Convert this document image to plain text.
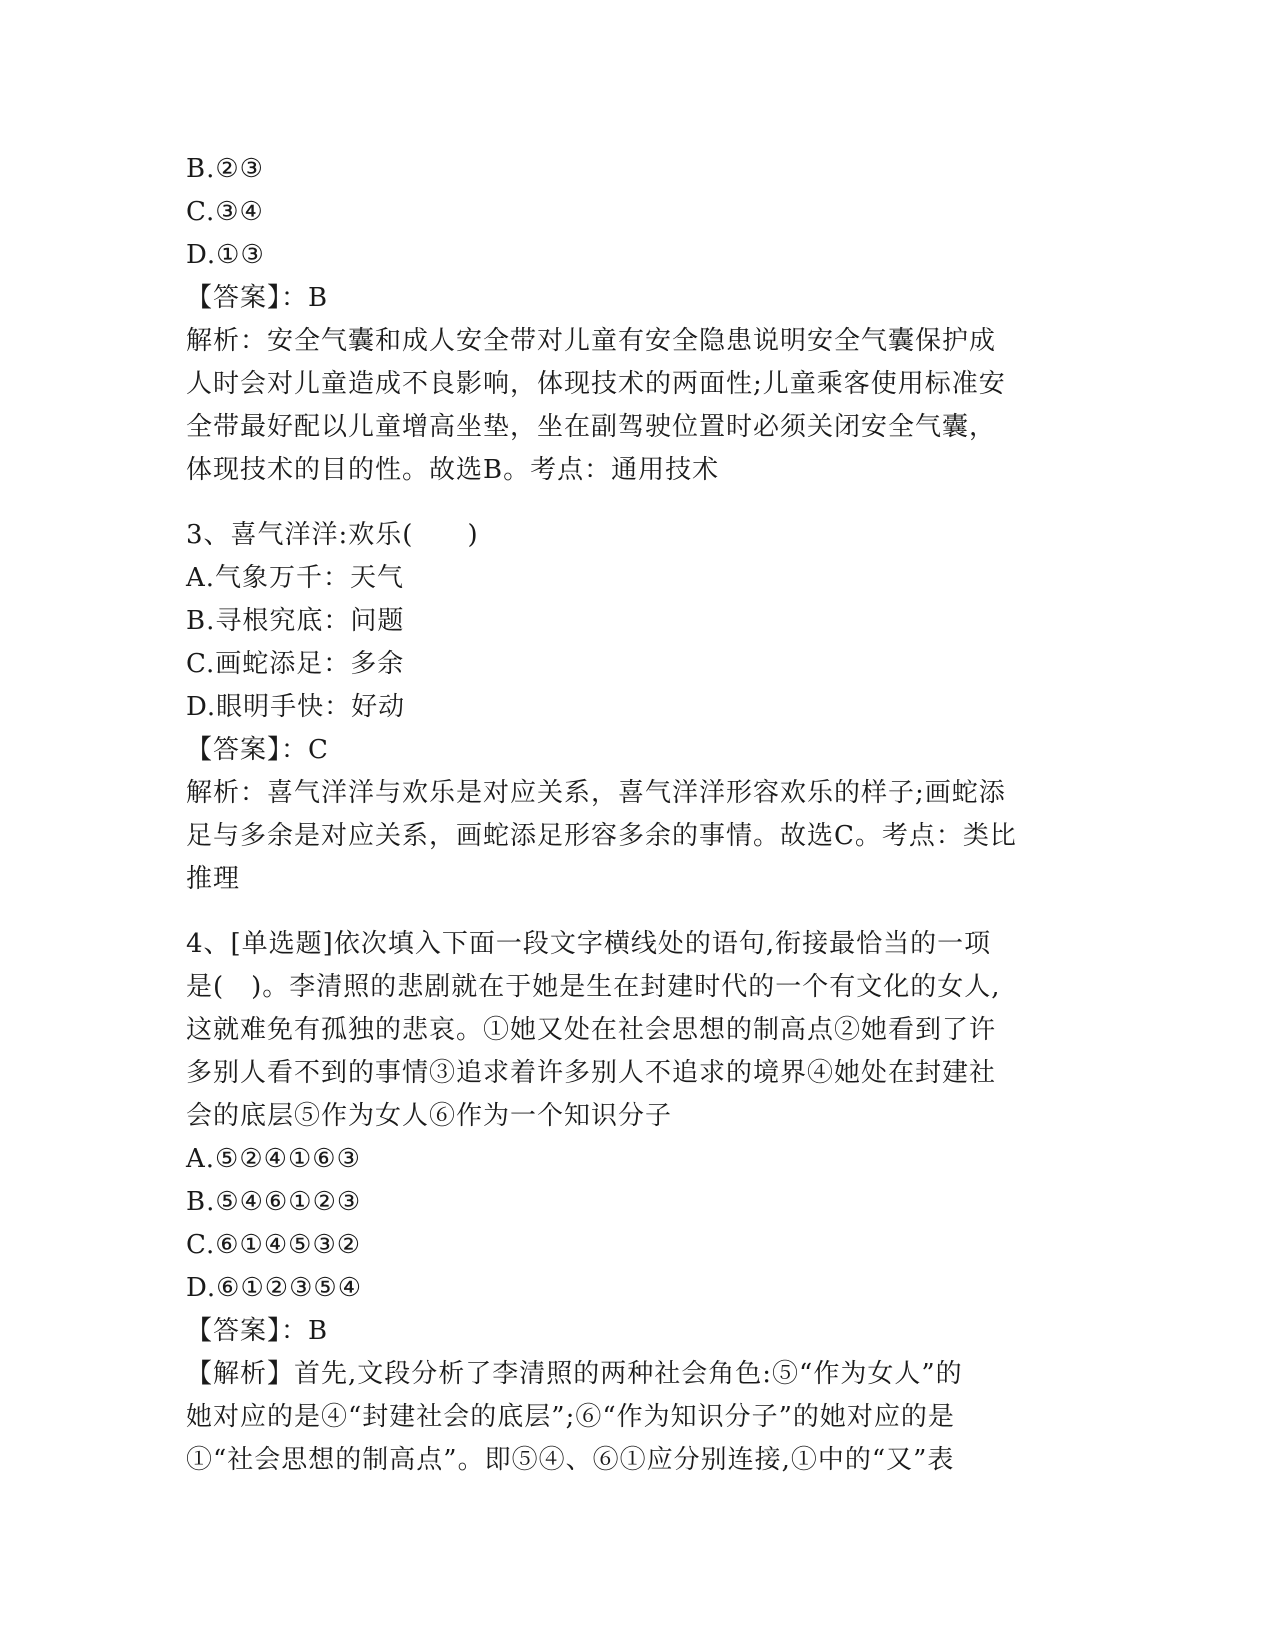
B.②③
C.③④
D.①③
【答案】：B
解析：安全气囊和成人安全带对儿童有安全隐患说明安全气囊保护成
人时会对儿童造成不良影响，体现技术的两面性;儿童乘客使用标准安
全带最好配以儿童增高坐垫，坐在副驾驶位置时必须关闭安全气囊，
体现技术的目的性。故选B。考点：通用技术
3、喜气洋洋:欢乐(　　)
A.气象万千：天气
B.寻根究底：问题
C.画蛇添足：多余
D.眼明手快：好动
【答案】：C
解析：喜气洋洋与欢乐是对应关系，喜气洋洋形容欢乐的样子;画蛇添
足与多余是对应关系，画蛇添足形容多余的事情。故选C。考点：类比
推理
4、[单选题]依次填入下面一段文字横线处的语句,衔接最恰当的一项
是(　)。李清照的悲剧就在于她是生在封建时代的一个有文化的女人,
这就难免有孤独的悲哀。①她又处在社会思想的制高点②她看到了许
多别人看不到的事情③追求着许多别人不追求的境界④她处在封建社
会的底层⑤作为女人⑥作为一个知识分子
A.⑤②④①⑥③
B.⑤④⑥①②③
C.⑥①④⑤③②
D.⑥①②③⑤④
【答案】：B
【解析】首先,文段分析了李清照的两种社会角色:⑤“作为女人”的
她对应的是④“封建社会的底层”;⑥“作为知识分子”的她对应的是
①“社会思想的制高点”。即⑤④、⑥①应分别连接,①中的“又”表
